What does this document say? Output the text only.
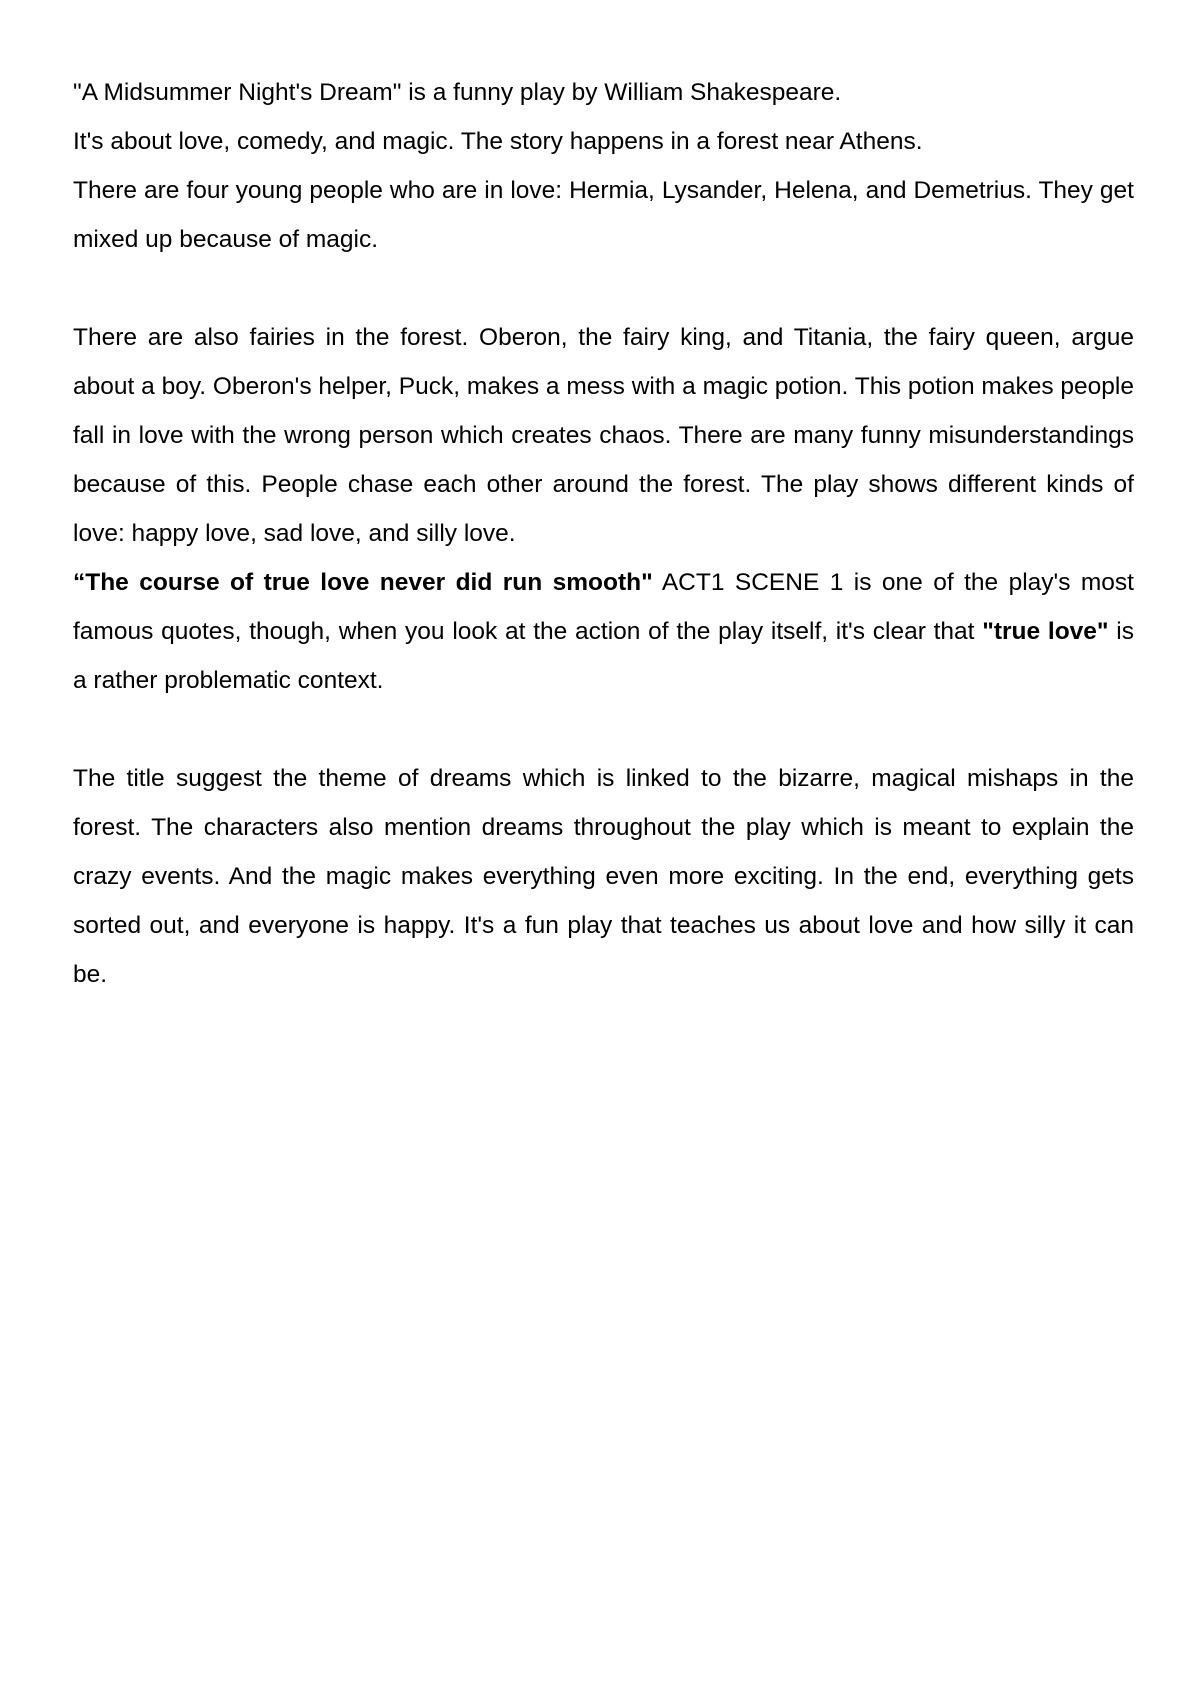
"A Midsummer Night's Dream" is a funny play by William Shakespeare.
It's about love, comedy, and magic. The story happens in a forest near Athens.
There are four young people who are in love: Hermia, Lysander, Helena, and Demetrius. They get mixed up because of magic.
There are also fairies in the forest. Oberon, the fairy king, and Titania, the fairy queen, argue about a boy. Oberon's helper, Puck, makes a mess with a magic potion. This potion makes people fall in love with the wrong person which creates chaos. There are many funny misunderstandings because of this. People chase each other around the forest. The play shows different kinds of love: happy love, sad love, and silly love.
“The course of true love never did run smooth" ACT1 SCENE 1 is one of the play's most famous quotes, though, when you look at the action of the play itself, it's clear that "true love" is a rather problematic context.
The title suggest the theme of dreams which is linked to the bizarre, magical mishaps in the forest. The characters also mention dreams throughout the play which is meant to explain the crazy events. And the magic makes everything even more exciting. In the end, everything gets sorted out, and everyone is happy. It's a fun play that teaches us about love and how silly it can be.
